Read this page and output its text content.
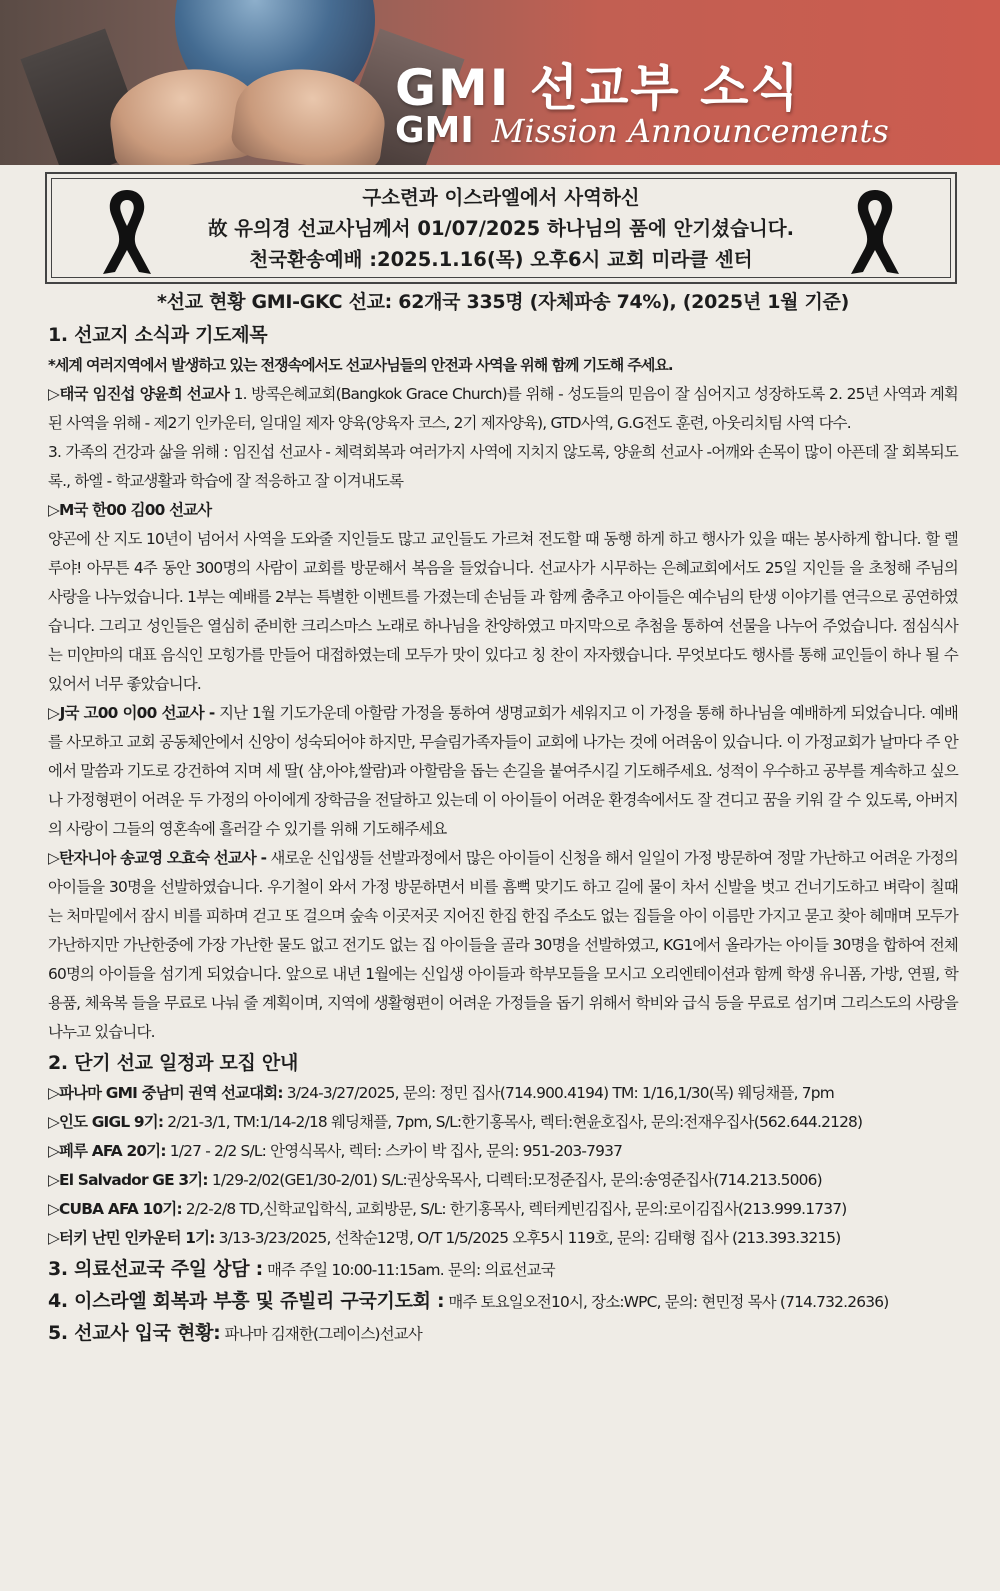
GMI 선교부 소식
GMI Mission Announcements
구소련과 이스라엘에서 사역하신
故 유의경 선교사님께서 01/07/2025 하나님의 품에 안기셨습니다.
천국환송예배 :2025.1.16(목) 오후6시 교회 미라클 센터
*선교 현황 GMI-GKC 선교: 62개국 335명 (자체파송 74%), (2025년 1월 기준)
1. 선교지 소식과 기도제목
*세계 여러지역에서 발생하고 있는 전쟁속에서도 선교사님들의 안전과 사역을 위해 함께 기도해 주세요.
▷태국 임진섭 양윤희 선교사 1. 방콕은혜교회(Bangkok Grace Church)를 위해 - 성도들의 믿음이 잘 심어지고 성장하도록 2. 25년 사역과 계획된 사역을 위해 - 제2기 인카운터, 일대일 제자 양육(양육자 코스, 2기 제자양육), GTD사역, G.G전도 훈련, 아웃리치팀 사역 다수.
3. 가족의 건강과 삶을 위해 : 임진섭 선교사 - 체력회복과 여러가지 사역에 지치지 않도록, 양윤희 선교사 -어깨와 손목이 많이 아픈데 잘 회복되도록., 하엘 - 학교생활과 학습에 잘 적응하고 잘 이겨내도록
▷M국 한00 김00 선교사
양곤에 산 지도 10년이 넘어서 사역을 도와줄 지인들도 많고 교인들도 가르쳐 전도할 때 동행 하게 하고 행사가 있을 때는 봉사하게 합니다. 할 렐루야! 아무튼 4주 동안 300명의 사람이 교회를 방문해서 복음을 들었습니다. 선교사가 시무하는 은혜교회에서도 25일 지인들 을 초청해 주님의 사랑을 나누었습니다. 1부는 예배를 2부는 특별한 이벤트를 가졌는데 손님들 과 함께 춤추고 아이들은 예수님의 탄생 이야기를 연극으로 공연하였습니다. 그리고 성인들은 열심히 준비한 크리스마스 노래로 하나님을 찬양하였고 마지막으로 추첨을 통하여 선물을 나누어 주었습니다. 점심식사는 미얀마의 대표 음식인 모힝가를 만들어 대접하였는데 모두가 맛이 있다고 칭 찬이 자자했습니다. 무엇보다도 행사를 통해 교인들이 하나 될 수 있어서 너무 좋았습니다.
▷J국 고00 이00 선교사 - 지난 1월 기도가운데 아할람 가정을 통하여 생명교회가 세워지고 이 가정을 통해 하나님을 예배하게 되었습니다. 예배를 사모하고 교회 공동체안에서 신앙이 성숙되어야 하지만, 무슬림가족자들이 교회에 나가는 것에 어려움이 있습니다. 이 가정교회가 날마다 주 안에서 말씀과 기도로 강건하여 지며 세 딸( 샴,아야,쌀람)과 아할람을 돕는 손길을 붙여주시길 기도해주세요. 성적이 우수하고 공부를 계속하고 싶으나 가정형편이 어려운 두 가정의 아이에게 장학금을 전달하고 있는데 이 아이들이 어려운 환경속에서도 잘 견디고 꿈을 키워 갈 수 있도록, 아버지의 사랑이 그들의 영혼속에 흘러갈 수 있기를 위해 기도해주세요
▷탄자니아 송교영 오효숙 선교사 - 새로운 신입생들 선발과정에서 많은 아이들이 신청을 해서 일일이 가정 방문하여 정말 가난하고 어려운 가정의 아이들을 30명을 선발하였습니다. 우기철이 와서 가정 방문하면서 비를 흠뻑 맞기도 하고 길에 물이 차서 신발을 벗고 건너기도하고 벼락이 칠때는 처마밑에서 잠시 비를 피하며 걷고 또 걸으며 숲속 이곳저곳 지어진 한집 한집 주소도 없는 집들을 아이 이름만 가지고 묻고 찾아 헤매며 모두가 가난하지만 가난한중에 가장 가난한 물도 없고 전기도 없는 집 아이들을 골라 30명을 선발하였고, KG1에서 올라가는 아이들 30명을 합하여 전체 60명의 아이들을 섬기게 되었습니다. 앞으로 내년 1월에는 신입생 아이들과 학부모들을 모시고 오리엔테이션과 함께 학생 유니폼, 가방, 연필, 학용품, 체육복 들을 무료로 나눠 줄 계획이며, 지역에 생활형편이 어려운 가정들을 돕기 위해서 학비와 급식 등을 무료로 섬기며 그리스도의 사랑을 나누고 있습니다.
2. 단기 선교 일정과 모집 안내
▷파나마 GMI 중남미 권역 선교대회: 3/24-3/27/2025, 문의: 정민 집사(714.900.4194) TM: 1/16,1/30(목) 웨딩채플, 7pm
▷인도 GIGL 9기: 2/21-3/1, TM:1/14-2/18 웨딩채플, 7pm, S/L:한기홍목사, 렉터:현윤호집사, 문의:전재우집사(562.644.2128)
▷페루 AFA 20기: 1/27 - 2/2 S/L: 안영식목사, 렉터: 스카이 박 집사, 문의: 951-203-7937
▷El Salvador GE 3기: 1/29-2/02(GE1/30-2/01) S/L:권상욱목사, 디렉터:모정준집사, 문의:송영준집사(714.213.5006)
▷CUBA AFA 10기: 2/2-2/8 TD,신학교입학식, 교회방문, S/L: 한기홍목사, 렉터케빈김집사, 문의:로이김집사(213.999.1737)
▷터키 난민 인카운터 1기: 3/13-3/23/2025, 선착순12명, O/T 1/5/2025 오후5시 119호, 문의: 김태형 집사 (213.393.3215)
3. 의료선교국 주일 상담 : 매주 주일 10:00-11:15am. 문의: 의료선교국
4. 이스라엘 회복과 부흥 및 쥬빌리 구국기도회 : 매주 토요일오전10시, 장소:WPC, 문의: 현민정 목사 (714.732.2636)
5. 선교사 입국 현황: 파나마 김재한(그레이스)선교사
